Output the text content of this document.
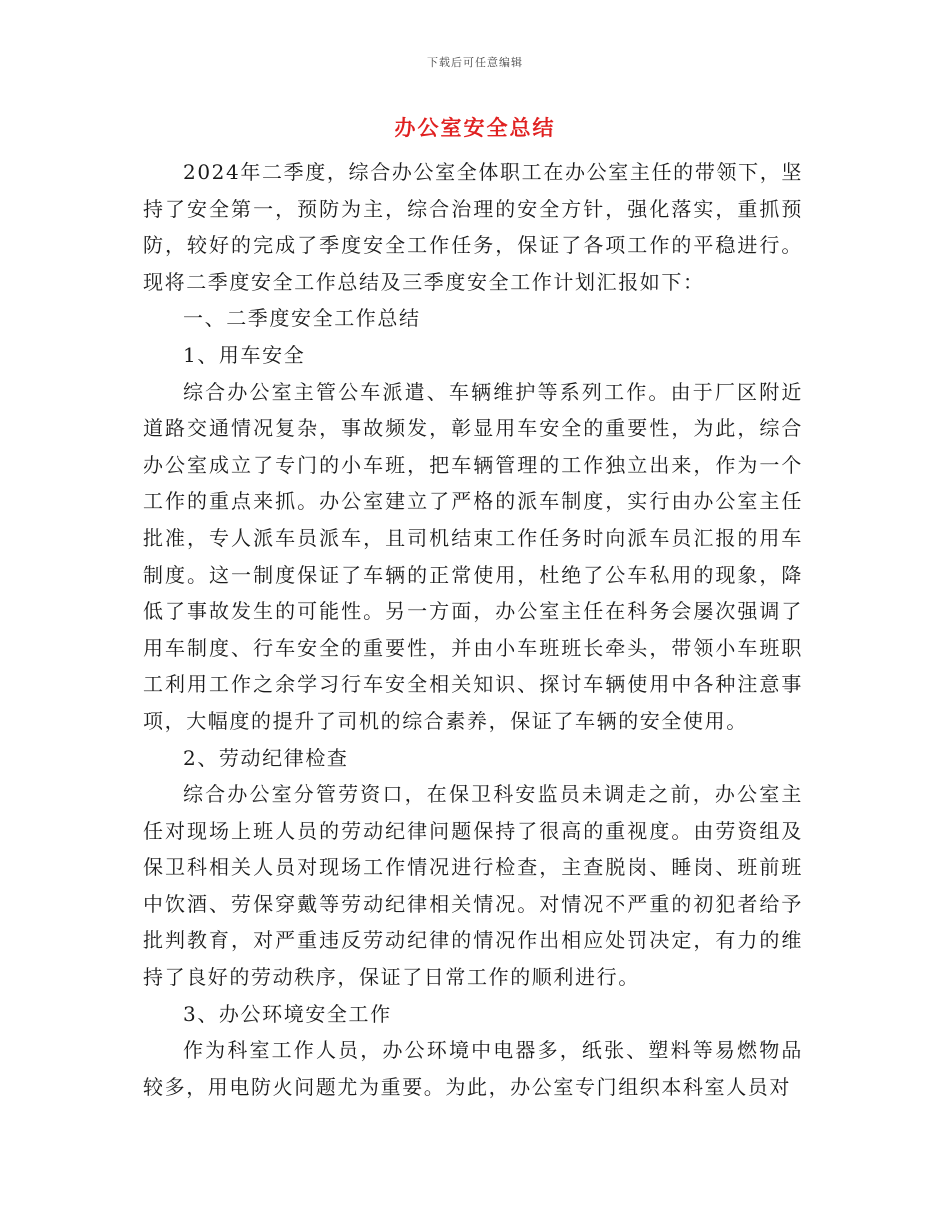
下载后可任意编辑
办公室安全总结

2024年二季度，综合办公室全体职工在办公室主任的带领下，坚持了安全第一，预防为主，综合治理的安全方针，强化落实，重抓预防，较好的完成了季度安全工作任务，保证了各项工作的平稳进行。现将二季度安全工作总结及三季度安全工作计划汇报如下：

一、二季度安全工作总结

1、用车安全

综合办公室主管公车派遣、车辆维护等系列工作。由于厂区附近道路交通情况复杂，事故频发，彰显用车安全的重要性，为此，综合办公室成立了专门的小车班，把车辆管理的工作独立出来，作为一个工作的重点来抓。办公室建立了严格的派车制度，实行由办公室主任批准，专人派车员派车，且司机结束工作任务时向派车员汇报的用车制度。这一制度保证了车辆的正常使用，杜绝了公车私用的现象，降低了事故发生的可能性。另一方面，办公室主任在科务会屡次强调了用车制度、行车安全的重要性，并由小车班班长牵头，带领小车班职工利用工作之余学习行车安全相关知识、探讨车辆使用中各种注意事项，大幅度的提升了司机的综合素养，保证了车辆的安全使用。

2、劳动纪律检查

综合办公室分管劳资口，在保卫科安监员未调走之前，办公室主任对现场上班人员的劳动纪律问题保持了很高的重视度。由劳资组及保卫科相关人员对现场工作情况进行检查，主查脱岗、睡岗、班前班中饮酒、劳保穿戴等劳动纪律相关情况。对情况不严重的初犯者给予批判教育，对严重违反劳动纪律的情况作出相应处罚决定，有力的维持了良好的劳动秩序，保证了日常工作的顺利进行。

3、办公环境安全工作

作为科室工作人员，办公环境中电器多，纸张、塑料等易燃物品较多，用电防火问题尤为重要。为此，办公室专门组织本科室人员对
